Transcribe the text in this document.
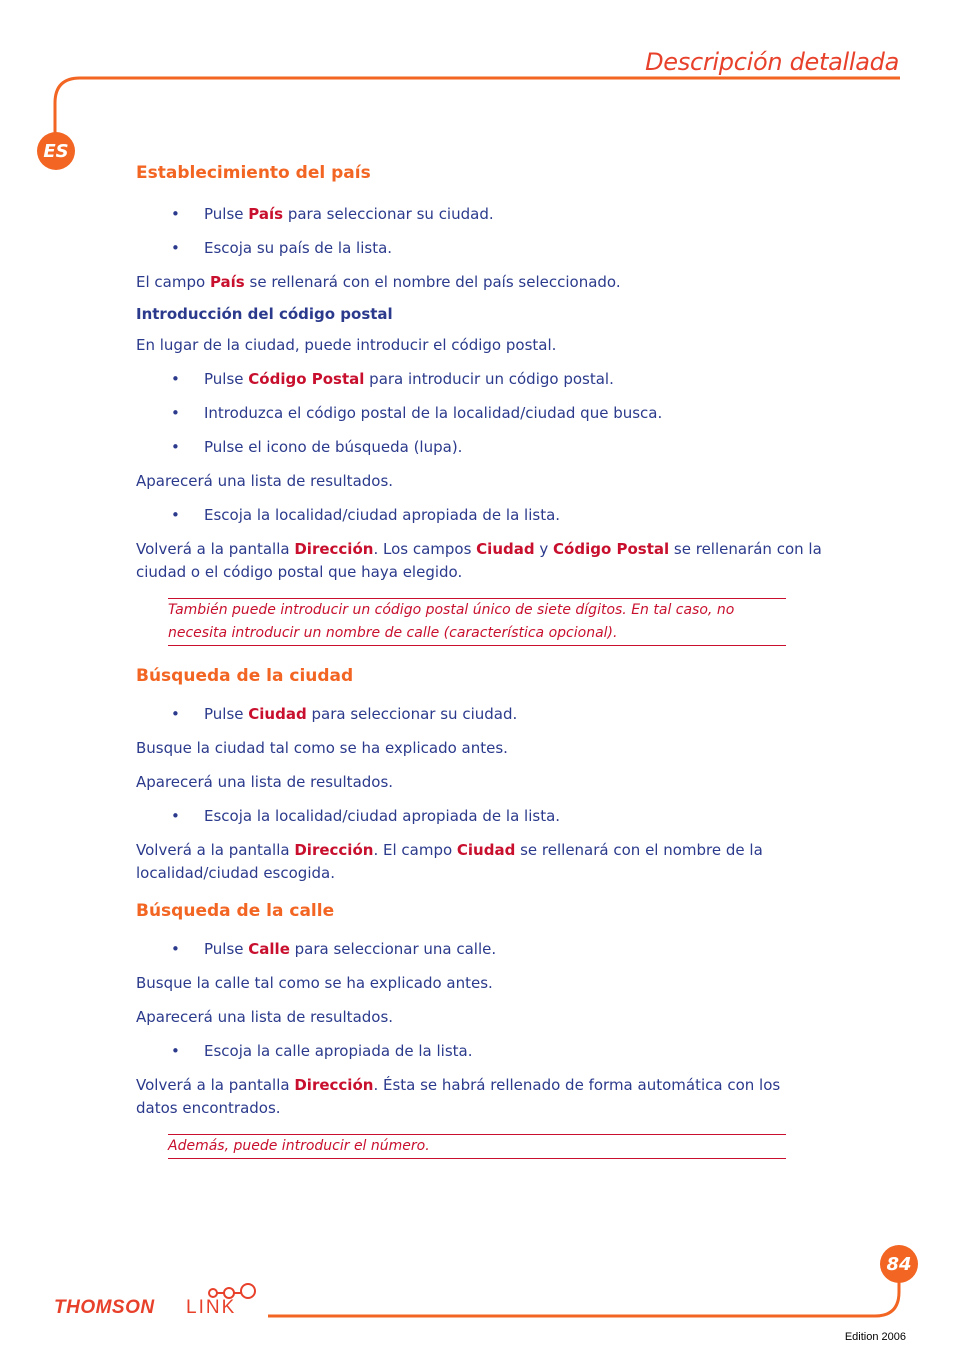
Descripción detallada
ES
Establecimiento del país
• Pulse País para seleccionar su ciudad.
• Escoja su país de la lista.
El campo País se rellenará con el nombre del país seleccionado.
Introducción del código postal
En lugar de la ciudad, puede introducir el código postal.
• Pulse Código Postal para introducir un código postal.
• Introduzca el código postal de la localidad/ciudad que busca.
• Pulse el icono de búsqueda (lupa).
Aparecerá una lista de resultados.
• Escoja la localidad/ciudad apropiada de la lista.
Volverá a la pantalla Dirección. Los campos Ciudad y Código Postal se rellenarán con la ciudad o el código postal que haya elegido.
También puede introducir un código postal único de siete dígitos. En tal caso, no necesita introducir un nombre de calle (característica opcional).
Búsqueda de la ciudad
• Pulse Ciudad para seleccionar su ciudad.
Busque la ciudad tal como se ha explicado antes.
Aparecerá una lista de resultados.
• Escoja la localidad/ciudad apropiada de la lista.
Volverá a la pantalla Dirección. El campo Ciudad se rellenará con el nombre de la localidad/ciudad escogida.
Búsqueda de la calle
• Pulse Calle para seleccionar una calle.
Busque la calle tal como se ha explicado antes.
Aparecerá una lista de resultados.
• Escoja la calle apropiada de la lista.
Volverá a la pantalla Dirección. Ésta se habrá rellenado de forma automática con los datos encontrados.
Además, puede introducir el número.
84
THOMSON LINK
Edition 2006
